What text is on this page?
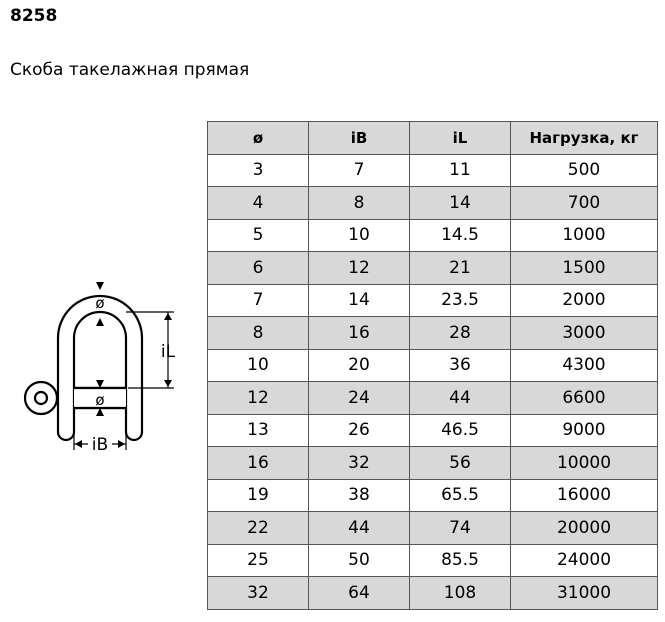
8258
Скоба такелажная прямая
ø
ø
iL
iB
ø	iB	iL	Нагрузка, кг
3	7	11	500
4	8	14	700
5	10	14.5	1000
6	12	21	1500
7	14	23.5	2000
8	16	28	3000
10	20	36	4300
12	24	44	6600
13	26	46.5	9000
16	32	56	10000
19	38	65.5	16000
22	44	74	20000
25	50	85.5	24000
32	64	108	31000
